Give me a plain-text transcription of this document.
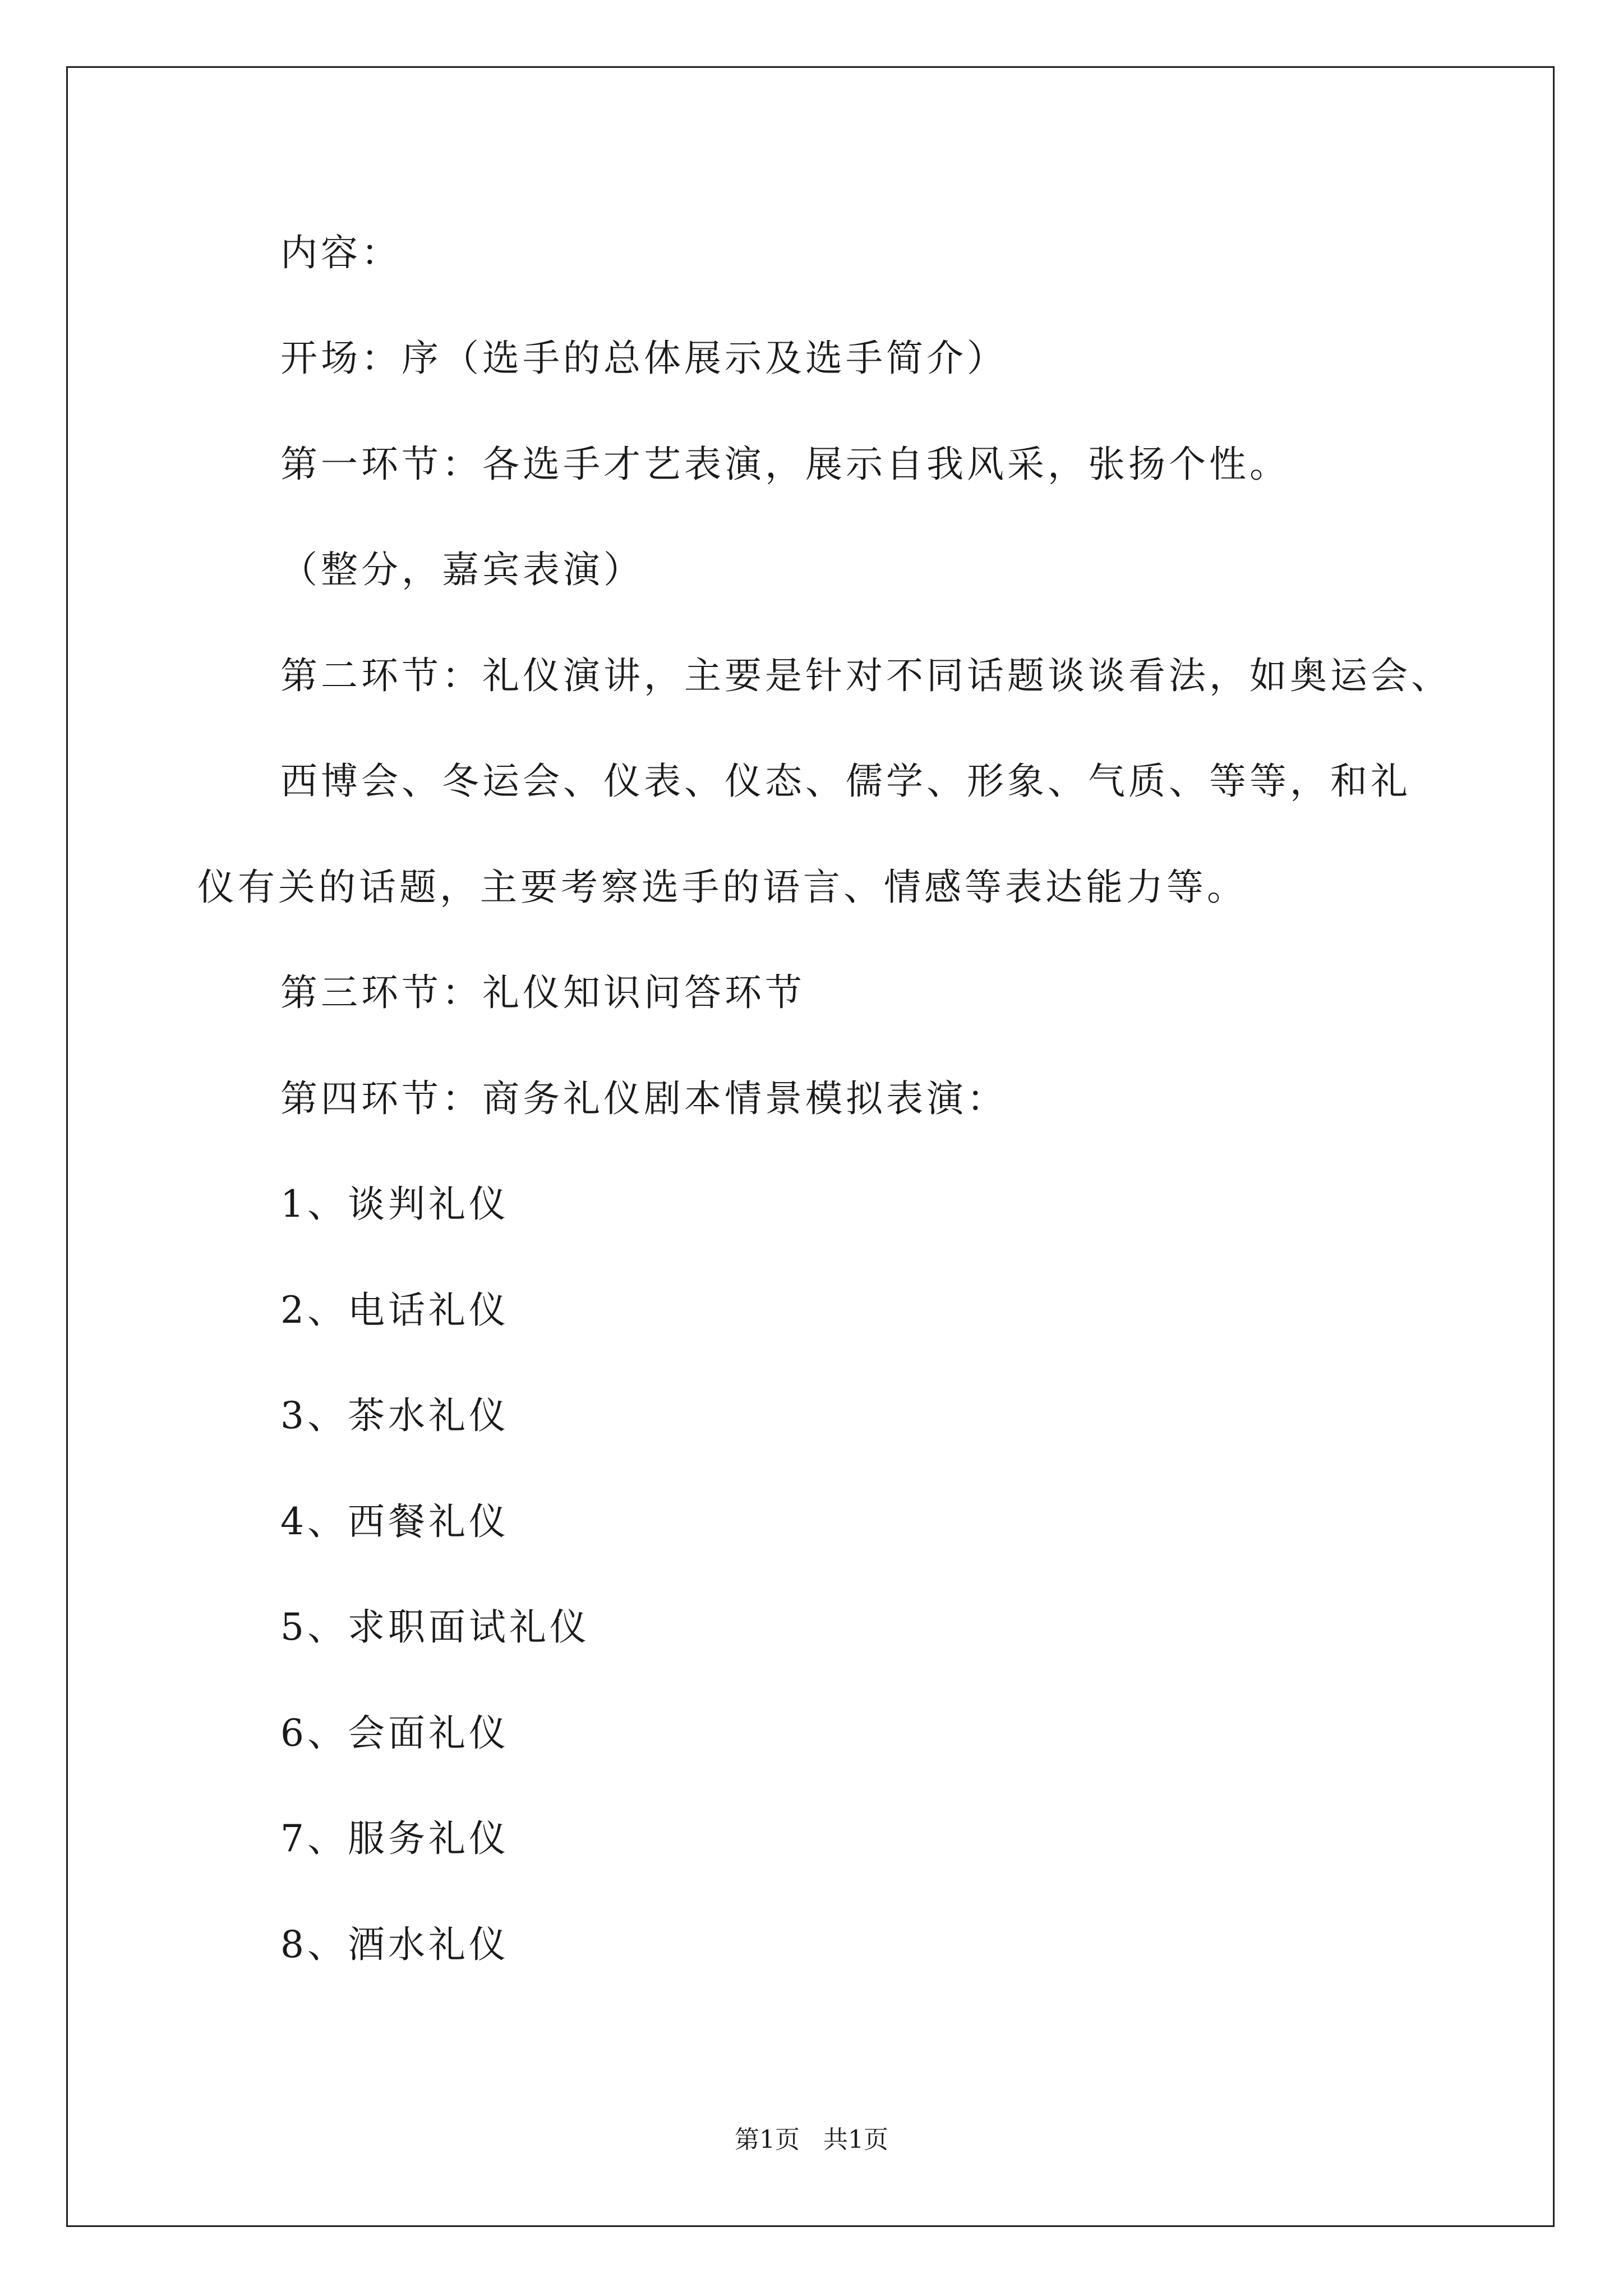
内容：
开场：序（选手的总体展示及选手简介）
第一环节：各选手才艺表演，展示自我风采，张扬个性。
（整分，嘉宾表演）
第二环节：礼仪演讲，主要是针对不同话题谈谈看法，如奥运会、
西博会、冬运会、仪表、仪态、儒学、形象、气质、等等，和礼
仪有关的话题，主要考察选手的语言、情感等表达能力等。
第三环节：礼仪知识问答环节
第四环节：商务礼仪剧本情景模拟表演：
1、谈判礼仪
2、电话礼仪
3、茶水礼仪
4、西餐礼仪
5、求职面试礼仪
6、会面礼仪
7、服务礼仪
8、酒水礼仪
第1页   共1页
